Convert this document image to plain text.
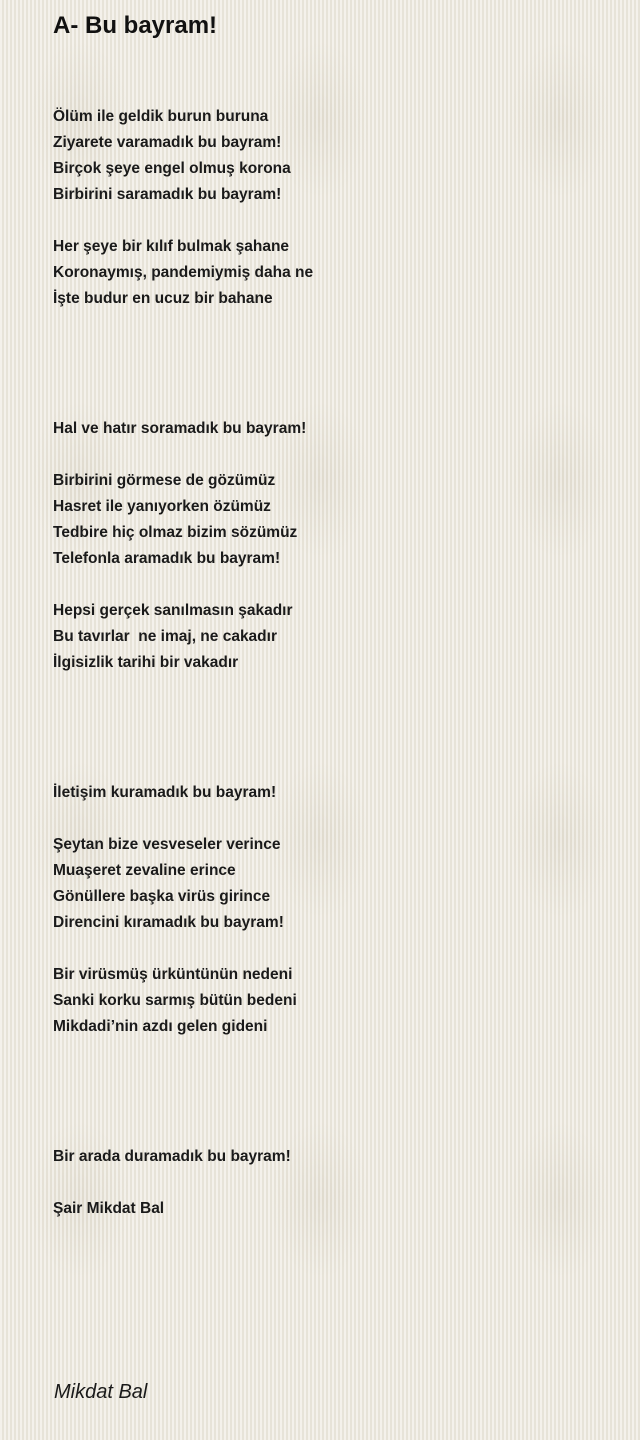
A- Bu bayram!
Ölüm ile geldik burun buruna
Ziyarete varamadık bu bayram!
Birçok şeye engel olmuş korona
Birbirini saramadık bu bayram!
Her şeye bir kılıf bulmak şahane
Koronaymış, pandemiymiş daha ne
İşte budur en ucuz bir bahane
Hal ve hatır soramadık bu bayram!
Birbirini görmese de gözümüz
Hasret ile yanıyorken özümüz
Tedbire hiç olmaz bizim sözümüz
Telefonla aramadık bu bayram!
Hepsi gerçek sanılmasın şakadır
Bu tavırlar  ne imaj, ne cakadır
İlgisizlik tarihi bir vakadır
İletişim kuramadık bu bayram!
Şeytan bize vesveseler verince
Muaşeret zevaline erince
Gönüllere başka virüs girince
Direncini kıramadık bu bayram!
Bir virüsmüş ürküntünün nedeni
Sanki korku sarmış bütün bedeni
Mikdadi’nin azdı gelen gideni
Bir arada duramadık bu bayram!
Şair Mikdat Bal
Mikdat Bal
